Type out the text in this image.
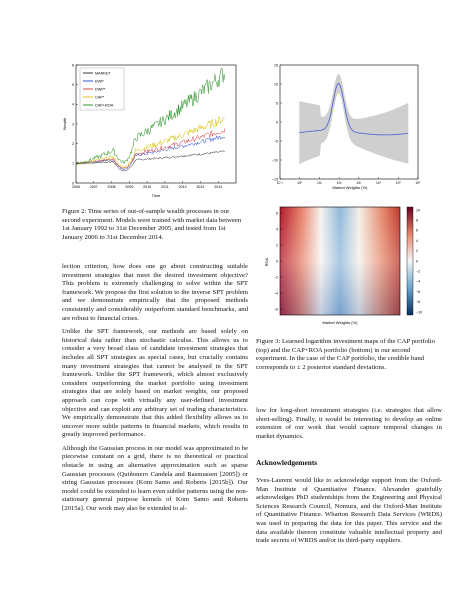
0
1
2
3
4
5
6
2006	2007	2008	2009	2010	2011	2012	2013	2014
Wealth
Time
MARKET
EWP
DWP*
CAP*
CAP+ROA
Figure 2: Time series of out-of-sample wealth processes in our second experiment. Models were trained with market data between 1st January 1992 to 31st December 2005, and tested from 1st January 2006 to 31st December 2014.
15
10
5
0
−5
−10
−15
10⁻¹	10⁰	10¹	10²	10³	10⁴	10⁵	10⁶
Market Weights (%)
6
4
2
0
−2
−4
−6
10
8
6
4
2
0
−2
−4
−6
−8
−10
ROA
Market Weights (%)
Figure 3: Learned logarithm investment maps of the CAP portfolio (top) and the CAP+ROA portfolio (bottom) in our second experiment. In the case of the CAP portfolio, the credible band corresponds to ± 2 posterior standard deviations.

lection criterion, how does one go about constructing suitable investment strategies that meet the desired investment objective? This problem is extremely challenging to solve within the SPT framework. We propose the first solution to the inverse SPT problem and we demonstrate empirically that the proposed methods consistently and considerably outperform standard benchmarks, and are robust to financial crises.

Unlike the SPT framework, our methods are based solely on historical data rather than stochastic calculus. This allows us to consider a very broad class of candidate investment strategies that includes all SPT strategies as special cases, but crucially contains many investment strategies that cannot be analysed in the SPT framework. Unlike the SPT framework, which almost exclusively considers outperforming the market portfolio using investment strategies that are solely based on market weights, our proposed approach can cope with virtually any user-defined investment objective and can exploit any arbitrary set of trading characteristics. We empirically demonstrate that this added flexibility allows us to uncover more subtle patterns in financial markets, which results in greatly improved performance.

Although the Gaussian process in our model was approximated to be piecewise constant on a grid, there is no theoretical or practical obstacle in using an alternative approximation such as sparse Gaussian processes (Quiñonero Candela and Rasmussen [2005]) or string Gaussian processes (Kom Samo and Roberts [2015b]). Our model could be extended to learn even subtler patterns using the non-stationary general purpose kernels of Kom Samo and Roberts [2015a]. Our work may also be extended to al-

low for long-short investment strategies (i.e. strategies that allow short-selling). Finally, it would be interesting to develop an online extension of our work that would capture temporal changes in market dynamics.

Acknowledgements

Yves-Laurent would like to acknowledge support from the Oxford-Man Institute of Quantitative Finance. Alexander gratefully acknowledges PhD studentships from the Engineering and Physical Sciences Research Council, Nomura, and the Oxford-Man Institute of Quantitative Finance. Wharton Research Data Services (WRDS) was used in preparing the data for this paper. This service and the data available thereon constitute valuable intellectual property and trade secrets of WRDS and/or its third-party suppliers.
